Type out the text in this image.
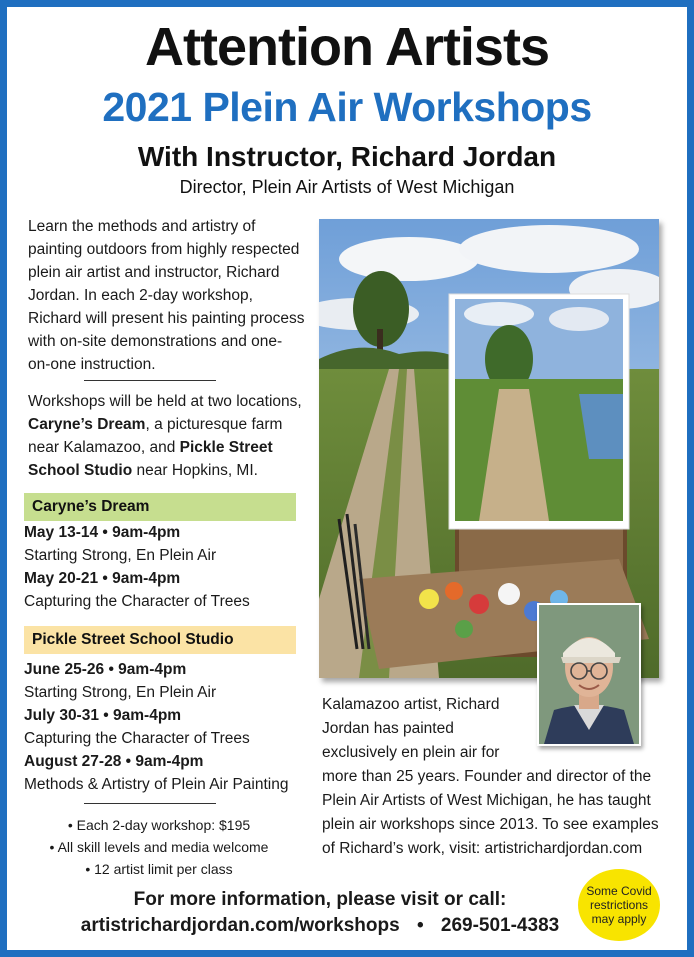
Attention Artists
2021 Plein Air Workshops
With Instructor, Richard Jordan
Director, Plein Air Artists of West Michigan
Learn the methods and artistry of
painting outdoors from highly respected
plein air artist and instructor, Richard
Jordan. In each 2-day workshop,
Richard will present his painting process
with on-site demonstrations and one-
on-one instruction.
Workshops will be held at two locations,
Caryne’s Dream, a picturesque farm
near Kalamazoo, and Pickle Street
School Studio near Hopkins, MI.
Caryne’s Dream
May 13-14 • 9am-4pm
Starting Strong, En Plein Air
May 20-21 • 9am-4pm
Capturing the Character of Trees
Pickle Street School Studio
June 25-26 • 9am-4pm
Starting Strong, En Plein Air
July 30-31 • 9am-4pm
Capturing the Character of Trees
August 27-28 • 9am-4pm
Methods & Artistry of Plein Air Painting
• Each 2-day workshop: $195
• All skill levels and media welcome
• 12 artist limit per class
Kalamazoo artist, Richard
Jordan has painted
exclusively en plein air for
more than 25 years. Founder and director of the
Plein Air Artists of West Michigan, he has taught
plein air workshops since 2013. To see examples
of Richard’s work, visit: artistrichardjordan.com
For more information, please visit or call:
artistrichardjordan.com/workshops • 269-501-4383
Some Covid
restrictions
may apply
